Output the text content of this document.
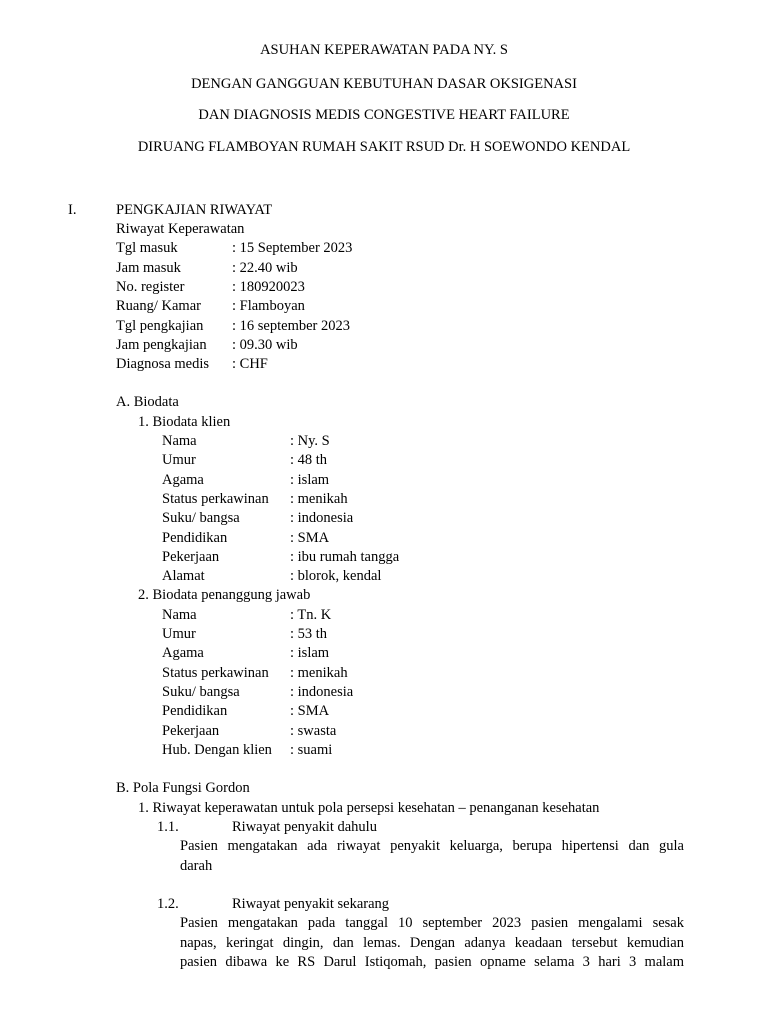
ASUHAN KEPERAWATAN PADA NY. S
DENGAN GANGGUAN KEBUTUHAN DASAR OKSIGENASI
DAN DIAGNOSIS MEDIS CONGESTIVE HEART FAILURE
DIRUANG FLAMBOYAN RUMAH SAKIT RSUD Dr. H SOEWONDO KENDAL
I.	PENGKAJIAN RIWAYAT
Riwayat Keperawatan
Tgl masuk	: 15 September 2023
Jam masuk	: 22.40 wib
No. register	: 180920023
Ruang/ Kamar : Flamboyan
Tgl pengkajian : 16 september 2023
Jam pengkajian : 09.30 wib
Diagnosa medis : CHF
A. Biodata
1. Biodata klien
Nama	: Ny. S
Umur	: 48 th
Agama	: islam
Status perkawinan : menikah
Suku/ bangsa	: indonesia
Pendidikan	: SMA
Pekerjaan	: ibu rumah tangga
Alamat	: blorok, kendal
2. Biodata penanggung jawab
Nama	: Tn. K
Umur	: 53 th
Agama	: islam
Status perkawinan : menikah
Suku/ bangsa	: indonesia
Pendidikan	: SMA
Pekerjaan	: swasta
Hub. Dengan klien : suami
B. Pola Fungsi Gordon
1. Riwayat keperawatan untuk pola persepsi kesehatan – penanganan kesehatan
1.1.	Riwayat penyakit dahulu
Pasien mengatakan ada riwayat penyakit keluarga, berupa hipertensi dan gula
darah
1.2.	Riwayat penyakit sekarang
Pasien mengatakan pada tanggal 10 september 2023 pasien mengalami sesak
napas, keringat dingin, dan lemas. Dengan adanya keadaan tersebut kemudian
pasien dibawa ke RS Darul Istiqomah, pasien opname selama 3 hari 3 malam
